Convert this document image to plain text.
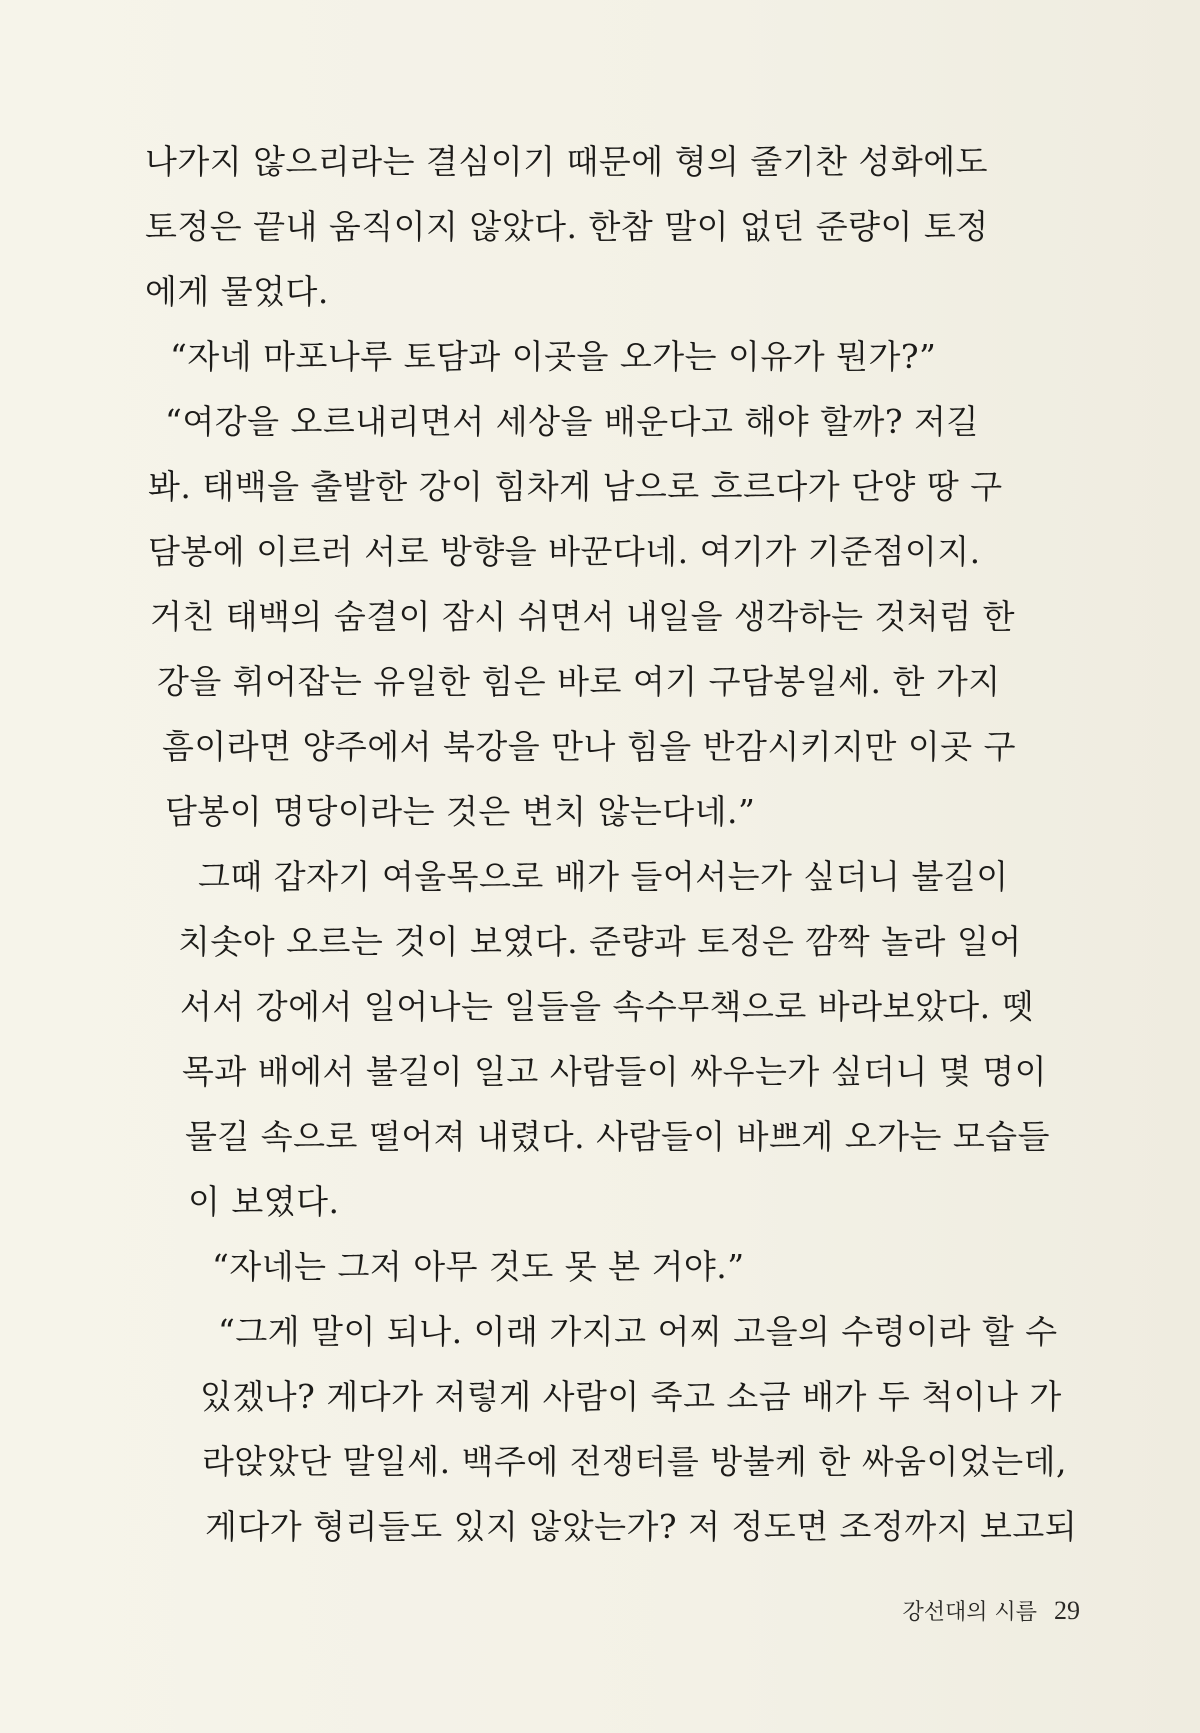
나가지 않으리라는 결심이기 때문에 형의 줄기찬 성화에도
토정은 끝내 움직이지 않았다. 한참 말이 없던 준량이 토정
에게 물었다.
“자네 마포나루 토담과 이곳을 오가는 이유가 뭔가?”
“여강을 오르내리면서 세상을 배운다고 해야 할까? 저길
봐. 태백을 출발한 강이 힘차게 남으로 흐르다가 단양 땅 구
담봉에 이르러 서로 방향을 바꾼다네. 여기가 기준점이지.
거친 태백의 숨결이 잠시 쉬면서 내일을 생각하는 것처럼 한
강을 휘어잡는 유일한 힘은 바로 여기 구담봉일세. 한 가지
흠이라면 양주에서 북강을 만나 힘을 반감시키지만 이곳 구
담봉이 명당이라는 것은 변치 않는다네.”
그때 갑자기 여울목으로 배가 들어서는가 싶더니 불길이
치솟아 오르는 것이 보였다. 준량과 토정은 깜짝 놀라 일어
서서 강에서 일어나는 일들을 속수무책으로 바라보았다. 뗏
목과 배에서 불길이 일고 사람들이 싸우는가 싶더니 몇 명이
물길 속으로 떨어져 내렸다. 사람들이 바쁘게 오가는 모습들
이 보였다.
“자네는 그저 아무 것도 못 본 거야.”
“그게 말이 되나. 이래 가지고 어찌 고을의 수령이라 할 수
있겠나? 게다가 저렇게 사람이 죽고 소금 배가 두 척이나 가
라앉았단 말일세. 백주에 전쟁터를 방불케 한 싸움이었는데,
게다가 형리들도 있지 않았는가? 저 정도면 조정까지 보고되
강선대의 시름 29
